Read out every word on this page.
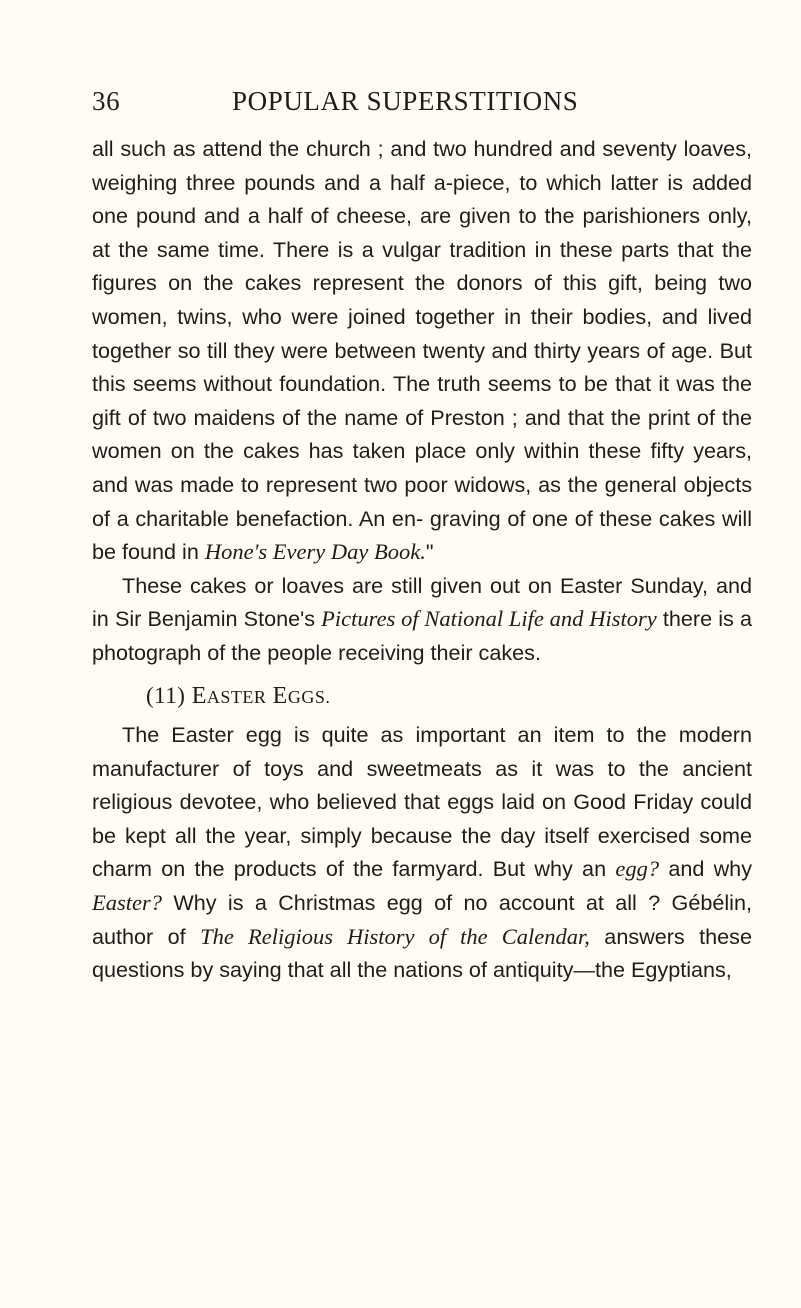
36	POPULAR SUPERSTITIONS

all such as attend the church ; and two hundred and seventy loaves, weighing three pounds and a half a-piece, to which latter is added one pound and a half of cheese, are given to the parishioners only, at the same time. There is a vulgar tradition in these parts that the figures on the cakes represent the donors of this gift, being two women, twins, who were joined together in their bodies, and lived together so till they were between twenty and thirty years of age. But this seems without foundation. The truth seems to be that it was the gift of two maidens of the name of Preston ; and that the print of the women on the cakes has taken place only within these fifty years, and was made to represent two poor widows, as the general objects of a charitable benefaction. An en- graving of one of these cakes will be found in Hone's Every Day Book."

These cakes or loaves are still given out on Easter Sunday, and in Sir Benjamin Stone's Pictures of National Life and History there is a photograph of the people receiving their cakes.

(11) EASTER EGGS.

The Easter egg is quite as important an item to the modern manufacturer of toys and sweetmeats as it was to the ancient religious devotee, who believed that eggs laid on Good Friday could be kept all the year, simply because the day itself exercised some charm on the products of the farmyard. But why an egg? and why Easter? Why is a Christmas egg of no account at all ? Gébélin, author of The Religious History of the Calendar, answers these questions by saying that all the nations of antiquity—the Egyptians,
